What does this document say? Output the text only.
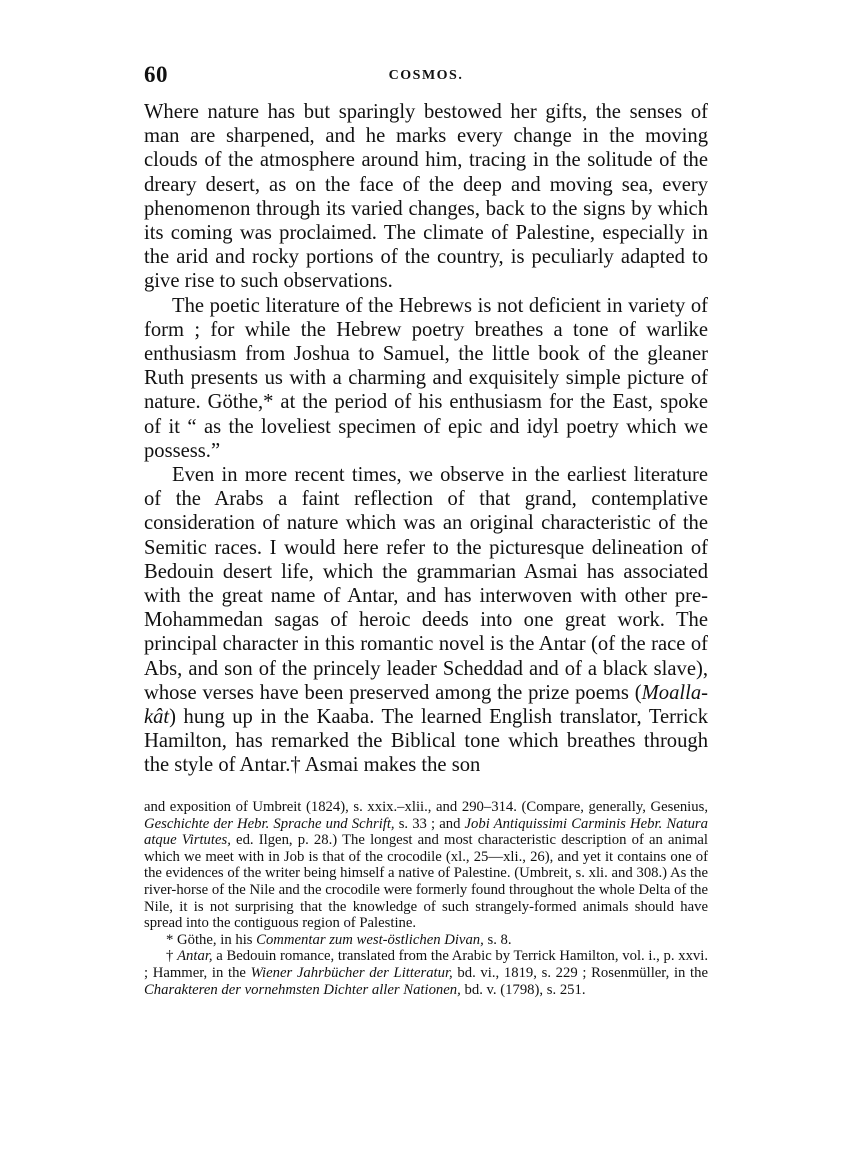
60	COSMOS.

Where nature has but sparingly bestowed her gifts, the senses of man are sharpened, and he marks every change in the moving clouds of the atmosphere around him, tracing in the solitude of the dreary desert, as on the face of the deep and moving sea, every phenomenon through its varied changes, back to the signs by which its coming was proclaimed. The climate of Palestine, especially in the arid and rocky portions of the country, is peculiarly adapted to give rise to such observations.

The poetic literature of the Hebrews is not deficient in variety of form ; for while the Hebrew poetry breathes a tone of warlike enthusiasm from Joshua to Samuel, the little book of the gleaner Ruth presents us with a charming and exquisitely simple picture of nature. Göthe,* at the period of his enthusiasm for the East, spoke of it “ as the loveliest specimen of epic and idyl poetry which we possess.”

Even in more recent times, we observe in the earliest literature of the Arabs a faint reflection of that grand, contemplative consideration of nature which was an original characteristic of the Semitic races. I would here refer to the picturesque delineation of Bedouin desert life, which the grammarian Asmai has associated with the great name of Antar, and has interwoven with other pre-Mohammedan sagas of heroic deeds into one great work. The principal character in this romantic novel is the Antar (of the race of Abs, and son of the princely leader Scheddad and of a black slave), whose verses have been preserved among the prize poems (Moallakât) hung up in the Kaaba. The learned English translator, Terrick Hamilton, has remarked the Biblical tone which breathes through the style of Antar.† Asmai makes the son

and exposition of Umbreit (1824), s. xxix.–xlii., and 290–314. (Compare, generally, Gesenius, Geschichte der Hebr. Sprache und Schrift, s. 33 ; and Jobi Antiquissimi Carminis Hebr. Natura atque Virtutes, ed. Ilgen, p. 28.) The longest and most characteristic description of an animal which we meet with in Job is that of the crocodile (xl., 25—xli., 26), and yet it contains one of the evidences of the writer being himself a native of Palestine. (Umbreit, s. xli. and 308.) As the river-horse of the Nile and the crocodile were formerly found throughout the whole Delta of the Nile, it is not surprising that the knowledge of such strangely-formed animals should have spread into the contiguous region of Palestine.

* Göthe, in his Commentar zum west-östlichen Divan, s. 8.

† Antar, a Bedouin romance, translated from the Arabic by Terrick Hamilton, vol. i., p. xxvi. ; Hammer, in the Wiener Jahrbücher der Litteratur, bd. vi., 1819, s. 229 ; Rosenmüller, in the Charakteren der vornehmsten Dichter aller Nationen, bd. v. (1798), s. 251.
